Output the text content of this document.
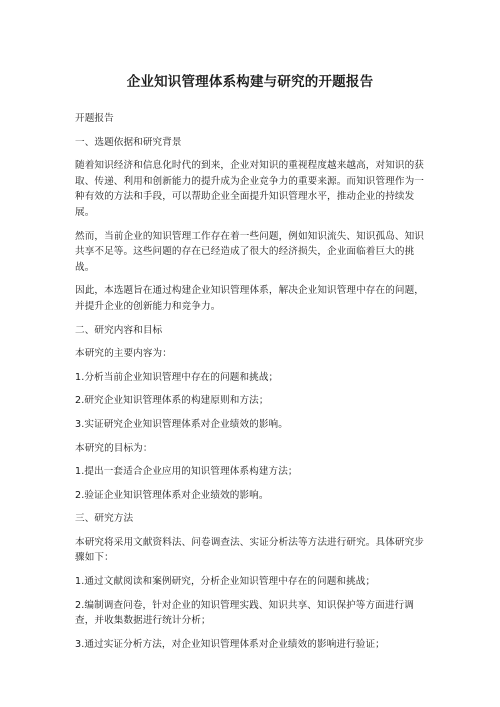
企业知识管理体系构建与研究的开题报告

开题报告

一、选题依据和研究背景

随着知识经济和信息化时代的到来，企业对知识的重视程度越来越高，对知识的获取、传递、利用和创新能力的提升成为企业竞争力的重要来源。而知识管理作为一种有效的方法和手段，可以帮助企业全面提升知识管理水平，推动企业的持续发展。

然而，当前企业的知识管理工作存在着一些问题，例如知识流失、知识孤岛、知识共享不足等。这些问题的存在已经造成了很大的经济损失，企业面临着巨大的挑战。

因此，本选题旨在通过构建企业知识管理体系，解决企业知识管理中存在的问题，并提升企业的创新能力和竞争力。

二、研究内容和目标

本研究的主要内容为：

1.分析当前企业知识管理中存在的问题和挑战；

2.研究企业知识管理体系的构建原则和方法；

3.实证研究企业知识管理体系对企业绩效的影响。

本研究的目标为：

1.提出一套适合企业应用的知识管理体系构建方法；

2.验证企业知识管理体系对企业绩效的影响。

三、研究方法

本研究将采用文献资料法、问卷调查法、实证分析法等方法进行研究。具体研究步骤如下：

1.通过文献阅读和案例研究，分析企业知识管理中存在的问题和挑战；

2.编制调查问卷，针对企业的知识管理实践、知识共享、知识保护等方面进行调查，并收集数据进行统计分析；

3.通过实证分析方法，对企业知识管理体系对企业绩效的影响进行验证；
